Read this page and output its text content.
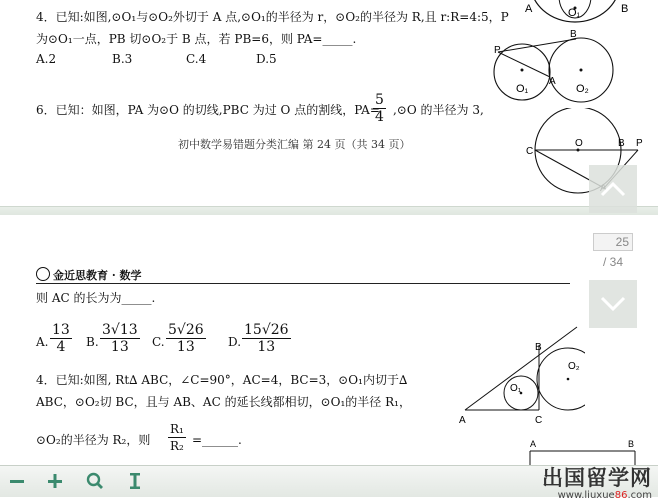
4．已知:如图,⊙O₁与⊙O₂外切于 A 点,⊙O₁的半径为 r，⊙O₂的半径为 R,且 r:R=4:5，P
为⊙O₁一点，PB 切⊙O₂于 B 点，若 PB=6，则 PA=_____.
A.2	B.3	C.4	D.5
6．已知：如图，PA 为⊙O 的切线,PBC 为过 O 点的割线，PA=
$\frac{5}{4}$ ,⊙O 的半径为 3,
初中数学易错题分类汇编 第 24 页（共 34 页）
A	O₁	B
P
B
A
O₁	O₂
C
O	B P
金近思教育 · 数学
则 AC 的长为为_____.
A. $\frac{13}{4} B$. $\frac{3√13}{13} C$. $\frac{5√26}{13} D$. $\frac{15√26}{13}$
4．已知:如图, Rt∆ ABC，∠C=90°，AC=4，BC=3，⊙O₁内切于∆
ABC，⊙O₂切 BC，且与 AB、AC 的延长线都相切，⊙O₁的半径 R₁，
⊙O₂的半径为 R₂，则 $\frac{\text{R₁}}{\text{R₂}}$ =______.
A
B
C
O₁
O₂
A	B
25
/ 34
出国留学网
www.liuxue86.com
